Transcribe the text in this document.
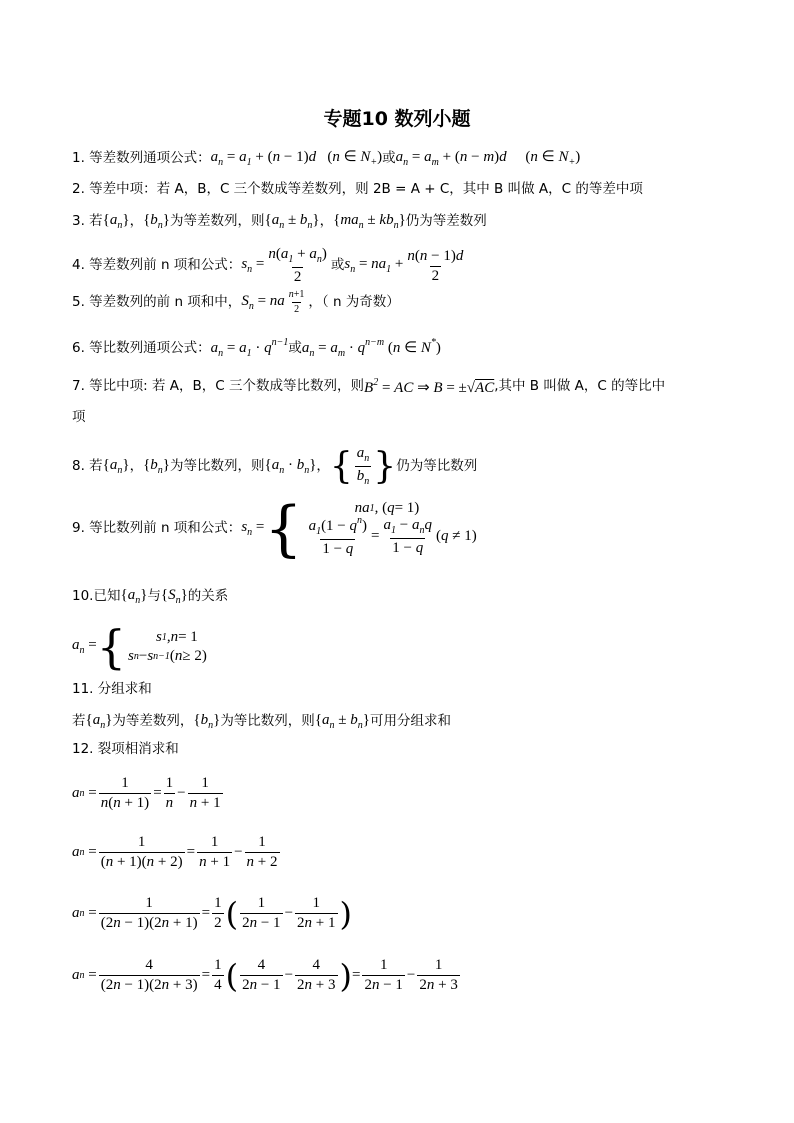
专题10 数列小题
1. 等差数列通项公式： $a_n = a_1 + (n - 1)d$   (n ∈ $N_+$) 或 $a_n = a_m + (n - m)d$     (n ∈ $N_+$)
2. 等差中项：若 A，B，C 三个数成等差数列，则 2B = A + C，其中 B 叫做 A，C 的等差中项
3. 若 $\{a_n\}$ ， $\{b_n\}$ 为等差数列，则 $\{a_n \pm b_n\}$ ， $\{ma_n \pm kb_n\}$ 仍为等差数列
4. 等差数列前 n 项和公式： $s_n = \frac{n(a_1 + a_n)}{2}$ 或 $s_n = na_1 + \frac{n(n - 1)d}{2}$
5. 等差数列的前 n 项和中， $S_n$ = na $\frac{n+1}{2}$ ，（ n 为奇数）
6. 等比数列通项公式： $a_n = a_1 \cdot q^{n-1}$ 或 $a_n = a_m \cdot q^{n-m}$ (n ∈ N*)
7. 等比中项: 若 A，B，C 三个数成等比数列，则 $B^2$ = AC ⇒ B = ±√AC ,其中 B 叫做 A，C 的等比中
项
8. 若 $\{a_n\}$ ， $\{b_n\}$ 为等比数列，则 $\{a_n \cdot b_n\}$ ， { $\frac{a_n}{b_n}$ } 仍为等比数列
9. 等比数列前 n 项和公式： $s_n$ = {	na 1 , ( q = 1)
$\frac{a_1(1 - q^n)}{1 - q} = \frac{a_1 - a_nq}{1 - q} (q \ne 1)$
10.已知 $\{a_n\}$ 与 $\{S_n\}$ 的关系
$a_n$ = { s 1 , n = 1
s n − s n−1 ( n ≥ 2)
11. 分组求和
若 $\{a_n\}$ 为等差数列， $\{b_n\}$ 为等比数列，则 $\{a_n \pm b_n\}$ 可用分组求和
12. 裂项相消求和
a $n = \frac{1}{n(n + 1)} = \frac{1}{n} - \frac{1}{n + 1}$
a $n = \frac{1}{(n + 1)(n + 2)} = \frac{1}{n + 1} - \frac{1}{n + 2}$
a $n = \frac{1}{(2n - 1)(2n + 1)} = \frac{1}{2}$ ( $\frac{1}{2n - 1} - \frac{1}{2n + 1}$ )
a $n = \frac{4}{(2n - 1)(2n + 3)} = \frac{1}{4}$ ( $\frac{4}{2n - 1} - \frac{4}{2n + 3}$ ) = $\frac{1}{2n - 1} - \frac{1}{2n + 3}$
